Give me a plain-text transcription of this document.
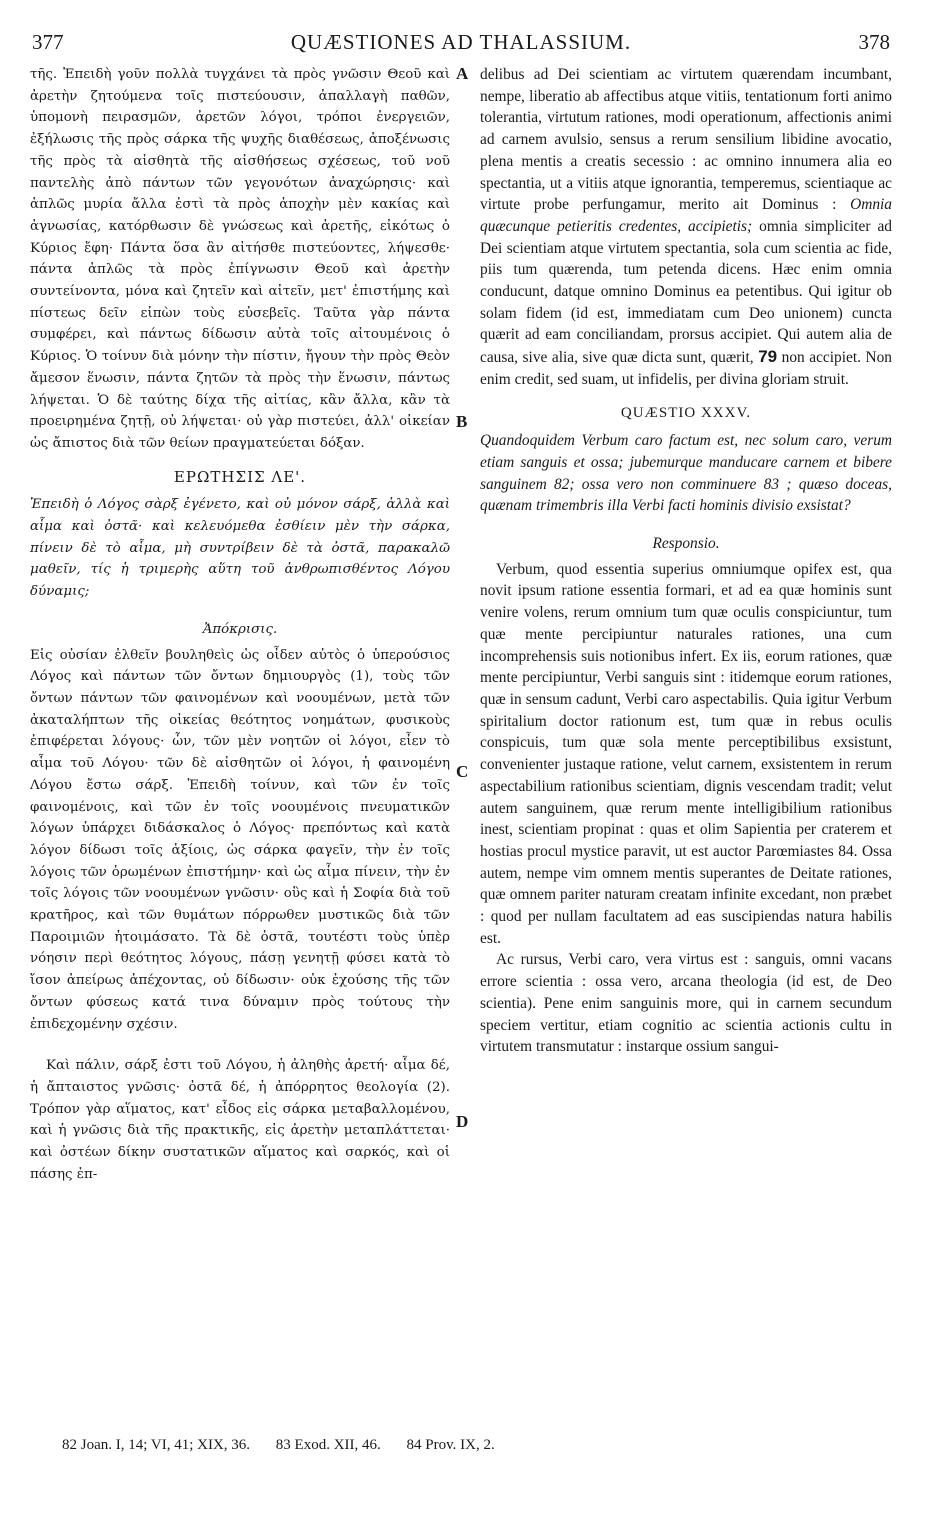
377	QUÆSTIONES AD THALASSIUM.	378
A
B
C
D

τῆς. Ἐπειδὴ γοῦν πολλὰ τυγχάνει τὰ πρὸς γνῶσιν Θεοῦ καὶ ἀρετὴν ζητούμενα τοῖς πιστεύουσιν, ἀπαλλαγὴ παθῶν, ὑπομονὴ πειρασμῶν, ἀρετῶν λόγοι, τρόποι ἐνεργειῶν, ἐξήλωσις τῆς πρὸς σάρκα τῆς ψυχῆς διαθέσεως, ἀποξένωσις τῆς πρὸς τὰ αἰσθητὰ τῆς αἰσθήσεως σχέσεως, τοῦ νοῦ παντελὴς ἀπὸ πάντων τῶν γεγονότων ἀναχώρησις· καὶ ἁπλῶς μυρία ἄλλα ἐστὶ τὰ πρὸς ἀποχὴν μὲν κακίας καὶ ἀγνωσίας, κατόρθωσιν δὲ γνώσεως καὶ ἀρετῆς, εἰκότως ὁ Κύριος ἔφη· Πάντα ὅσα ἂν αἰτήσθε πιστεύοντες, λήψεσθε· πάντα ἁπλῶς τὰ πρὸς ἐπίγνωσιν Θεοῦ καὶ ἀρετὴν συντείνοντα, μόνα καὶ ζητεῖν καὶ αἰτεῖν, μετ' ἐπιστήμης καὶ πίστεως δεῖν εἰπὼν τοὺς εὐσεβεῖς. Ταῦτα γὰρ πάντα συμφέρει, καὶ πάντως δίδωσιν αὐτὰ τοῖς αἰτουμένοις ὁ Κύριος. Ὁ τοίνυν διὰ μόνην τὴν πίστιν, ἤγουν τὴν πρὸς Θεὸν ἄμεσον ἕνωσιν, πάντα ζητῶν τὰ πρὸς τὴν ἕνωσιν, πάντως λήψεται. Ὁ δὲ ταύτης δίχα τῆς αἰτίας, κἂν ἄλλα, κἂν τὰ προειρημένα ζητῇ, οὐ λήψεται· οὐ γὰρ πιστεύει, ἀλλ' οἰκείαν ὡς ἄπιστος διὰ τῶν θείων πραγματεύεται δόξαν.

ΕΡΩΤΗΣΙΣ ΛΕ'.

Ἐπειδὴ ὁ Λόγος σὰρξ ἐγένετο, καὶ οὐ μόνον σάρξ, ἀλλὰ καὶ αἷμα καὶ ὀστᾶ· καὶ κελευόμεθα ἐσθίειν μὲν τὴν σάρκα, πίνειν δὲ τὸ αἷμα, μὴ συντρίβειν δὲ τὰ ὀστᾶ, παρακαλῶ μαθεῖν, τίς ἡ τριμερὴς αὕτη τοῦ ἀνθρωπισθέντος Λόγου δύναμις;

Ἀπόκρισις.

Εἰς οὐσίαν ἐλθεῖν βουληθεὶς ὡς οἶδεν αὐτὸς ὁ ὑπερούσιος Λόγος καὶ πάντων τῶν ὄντων δημιουργὸς (1), τοὺς τῶν ὄντων πάντων τῶν φαινομένων καὶ νοουμένων, μετὰ τῶν ἀκαταλήπτων τῆς οἰκείας θεότητος νοημάτων, φυσικοὺς ἐπιφέρεται λόγους· ὧν, τῶν μὲν νοητῶν οἱ λόγοι, εἶεν τὸ αἷμα τοῦ Λόγου· τῶν δὲ αἰσθητῶν οἱ λόγοι, ἡ φαινομένη Λόγου ἔστω σάρξ. Ἐπειδὴ τοίνυν, καὶ τῶν ἐν τοῖς φαινομένοις, καὶ τῶν ἐν τοῖς νοουμένοις πνευματικῶν λόγων ὑπάρχει διδάσκαλος ὁ Λόγος· πρεπόντως καὶ κατὰ λόγον δίδωσι τοῖς ἀξίοις, ὡς σάρκα φαγεῖν, τὴν ἐν τοῖς λόγοις τῶν ὁρωμένων ἐπιστήμην· καὶ ὡς αἷμα πίνειν, τὴν ἐν τοῖς λόγοις τῶν νοουμένων γνῶσιν· οὓς καὶ ἡ Σοφία διὰ τοῦ κρατῆρος, καὶ τῶν θυμάτων πόρρωθεν μυστικῶς διὰ τῶν Παροιμιῶν ἡτοιμάσατο. Τὰ δὲ ὀστᾶ, τουτέστι τοὺς ὑπὲρ νόησιν περὶ θεότητος λόγους, πάσῃ γενητῇ φύσει κατὰ τὸ ἴσον ἀπείρως ἀπέχοντας, οὐ δίδωσιν· οὐκ ἐχούσης τῆς τῶν ὄντων φύσεως κατά τινα δύναμιν πρὸς τούτους τὴν ἐπιδεχομένην σχέσιν.

Καὶ πάλιν, σάρξ ἐστι τοῦ Λόγου, ἡ ἀληθὴς ἀρετή· αἷμα δέ, ἡ ἄπταιστος γνῶσις· ὀστᾶ δέ, ἡ ἀπόρρητος θεολογία (2). Τρόπον γὰρ αἵματος, κατ' εἶδος εἰς σάρκα μεταβαλλομένου, καὶ ἡ γνῶσις διὰ τῆς πρακτικῆς, εἰς ἀρετὴν μεταπλάττεται· καὶ ὀστέων δίκην συστατικῶν αἵματος καὶ σαρκός, καὶ οἱ πάσης ἐπ-

delibus ad Dei scientiam ac virtutem quærendam incumbant, nempe, liberatio ab affectibus atque vitiis, tentationum forti animo tolerantia, virtutum rationes, modi operationum, affectionis animi ad carnem avulsio, sensus a rerum sensilium libidine avocatio, plena mentis a creatis secessio : ac omnino innumera alia eo spectantia, ut a vitiis atque ignorantia, temperemus, scientiaque ac virtute probe perfungamur, merito ait Dominus : Omnia quæcunque petieritis credentes, accipietis; omnia simpliciter ad Dei scientiam atque virtutem spectantia, sola cum scientia ac fide, piis tum quærenda, tum petenda dicens. Hæc enim omnia conducunt, datque omnino Dominus ea petentibus. Qui igitur ob solam fidem (id est, immediatam cum Deo unionem) cuncta quærit ad eam conciliandam, prorsus accipiet. Qui autem alia de causa, sive alia, sive quæ dicta sunt, quærit, 79 non accipiet. Non enim credit, sed suam, ut infidelis, per divina gloriam struit.

QUÆSTIO XXXV.

Quandoquidem Verbum caro factum est, nec solum caro, verum etiam sanguis et ossa; jubemurque manducare carnem et bibere sanguinem 82; ossa vero non comminuere 83 ; quæso doceas, quænam trimembris illa Verbi facti hominis divisio exsistat?

Responsio.

Verbum, quod essentia superius omniumque opifex est, qua novit ipsum ratione essentia formari, et ad ea quæ hominis sunt venire volens, rerum omnium tum quæ oculis conspiciuntur, tum quæ mente percipiuntur naturales rationes, una cum incomprehensis suis notionibus infert. Ex iis, eorum rationes, quæ mente percipiuntur, Verbi sanguis sint : itidemque eorum rationes, quæ in sensum cadunt, Verbi caro aspectabilis. Quia igitur Verbum spiritalium doctor rationum est, tum quæ in rebus oculis conspicuis, tum quæ sola mente perceptibilibus exsistunt, convenienter justaque ratione, velut carnem, exsistentem in rerum aspectabilium rationibus scientiam, dignis vescendam tradit; velut autem sanguinem, quæ rerum mente intelligibilium rationibus inest, scientiam propinat : quas et olim Sapientia per craterem et hostias procul mystice paravit, ut est auctor Parœmiastes 84. Ossa autem, nempe vim omnem mentis superantes de Deitate rationes, quæ omnem pariter naturam creatam infinite excedant, non præbet : quod per nullam facultatem ad eas suscipiendas natura habilis est.

Ac rursus, Verbi caro, vera virtus est : sanguis, omni vacans errore scientia : ossa vero, arcana theologia (id est, de Deo scientia). Pene enim sanguinis more, qui in carnem secundum speciem vertitur, etiam cognitio ac scientia actionis cultu in virtutem transmutatur : instarque ossium sangui-

82 Joan. I, 14; VI, 41; XIX, 36. 83 Exod. XII, 46. 84 Prov. IX, 2.
